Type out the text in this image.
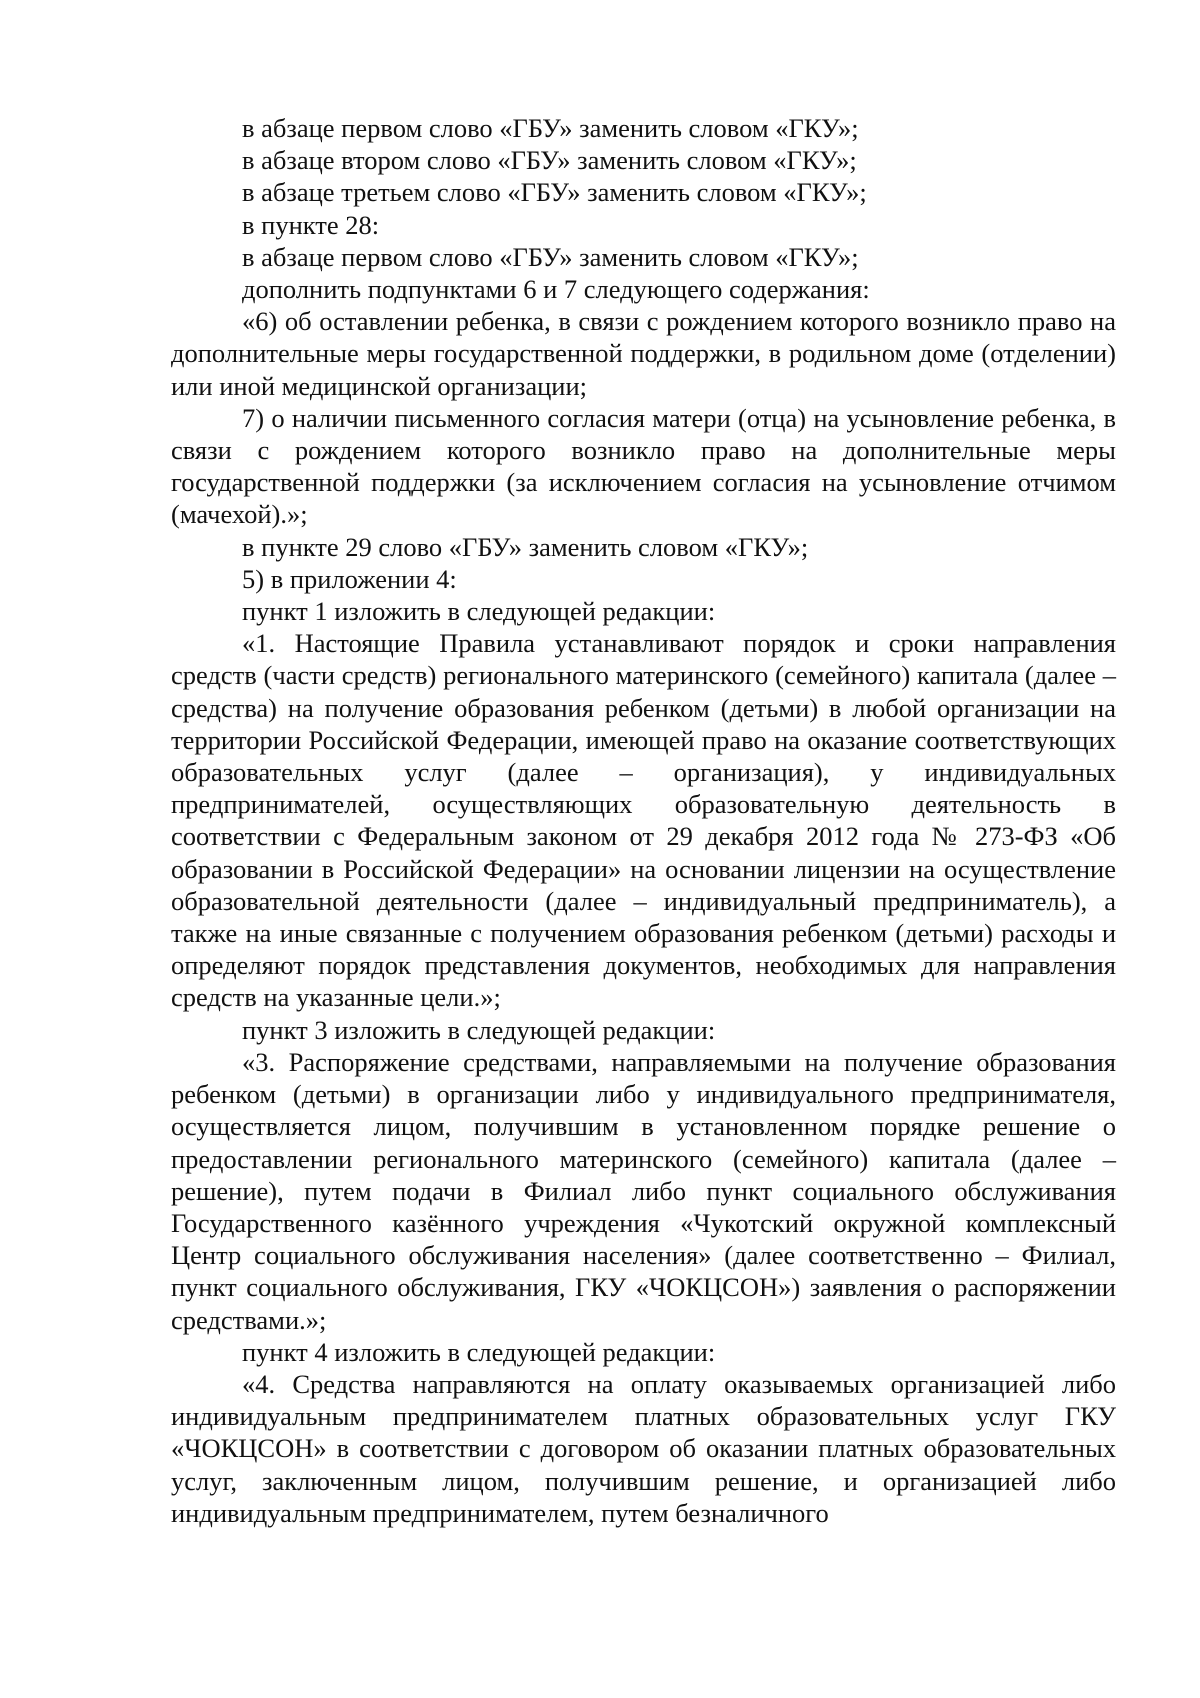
в абзаце первом слово «ГБУ» заменить словом «ГКУ»;

в абзаце втором слово «ГБУ» заменить словом «ГКУ»;

в абзаце третьем слово «ГБУ» заменить словом «ГКУ»;

в пункте 28:

в абзаце первом слово «ГБУ» заменить словом «ГКУ»;

дополнить подпунктами 6 и 7 следующего содержания:

«6) об оставлении ребенка, в связи с рождением которого возникло право на дополнительные меры государственной поддержки, в родильном доме (отделении) или иной медицинской организации;

7) о наличии письменного согласия матери (отца) на усыновление ребенка, в связи с рождением которого возникло право на дополнительные меры государственной поддержки (за исключением согласия на усыновление отчимом (мачехой).»;

в пункте 29 слово «ГБУ» заменить словом «ГКУ»;

5) в приложении 4:

пункт 1 изложить в следующей редакции:

«1. Настоящие Правила устанавливают порядок и сроки направления средств (части средств) регионального материнского (семейного) капитала (далее – средства) на получение образования ребенком (детьми) в любой организации на территории Российской Федерации, имеющей право на оказание соответствующих образовательных услуг (далее – организация), у индивидуальных предпринимателей, осуществляющих образовательную деятельность в соответствии с Федеральным законом от 29 декабря 2012 года № 273-ФЗ «Об образовании в Российской Федерации» на основании лицензии на осуществление образовательной деятельности (далее – индивидуальный предприниматель), а также на иные связанные с получением образования ребенком (детьми) расходы и определяют порядок представления документов, необходимых для направления средств на указанные цели.»;

пункт 3 изложить в следующей редакции:

«3. Распоряжение средствами, направляемыми на получение образования ребенком (детьми) в организации либо у индивидуального предпринимателя, осуществляется лицом, получившим в установленном порядке решение о предоставлении регионального материнского (семейного) капитала (далее – решение), путем подачи в Филиал либо пункт социального обслуживания Государственного казённого учреждения «Чукотский окружной комплексный Центр социального обслуживания населения» (далее соответственно – Филиал, пункт социального обслуживания, ГКУ «ЧОКЦСОН») заявления о распоряжении средствами.»;

пункт 4 изложить в следующей редакции:

«4. Средства направляются на оплату оказываемых организацией либо индивидуальным предпринимателем платных образовательных услуг ГКУ «ЧОКЦСОН» в соответствии с договором об оказании платных образовательных услуг, заключенным лицом, получившим решение, и организацией либо индивидуальным предпринимателем, путем безналичного
